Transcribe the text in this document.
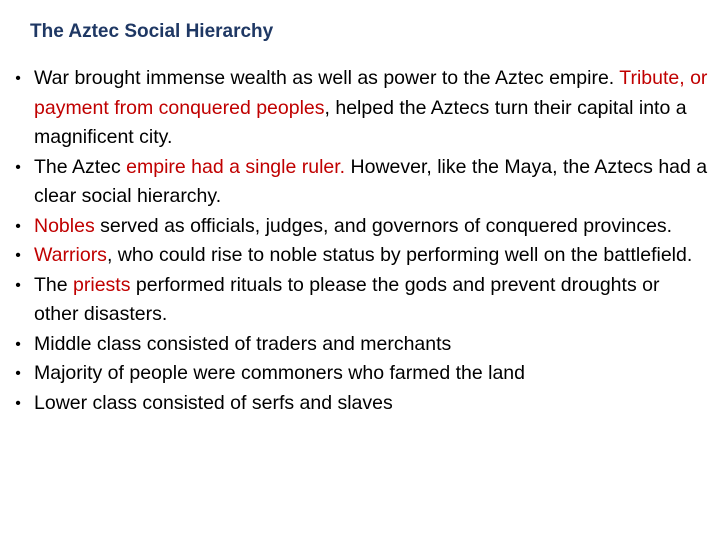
The Aztec Social Hierarchy
• War brought immense wealth as well as power to the Aztec empire. Tribute, or payment from conquered peoples, helped the Aztecs turn their capital into a magnificent city.
• The Aztec empire had a single ruler. However, like the Maya, the Aztecs had a clear social hierarchy.
• Nobles served as officials, judges, and governors of conquered provinces.
• Warriors, who could rise to noble status by performing well on the battlefield.
• The priests performed rituals to please the gods and prevent droughts or other disasters.
• Middle class consisted of traders and merchants
• Majority of people were commoners who farmed the land
• Lower class consisted of serfs and slaves
